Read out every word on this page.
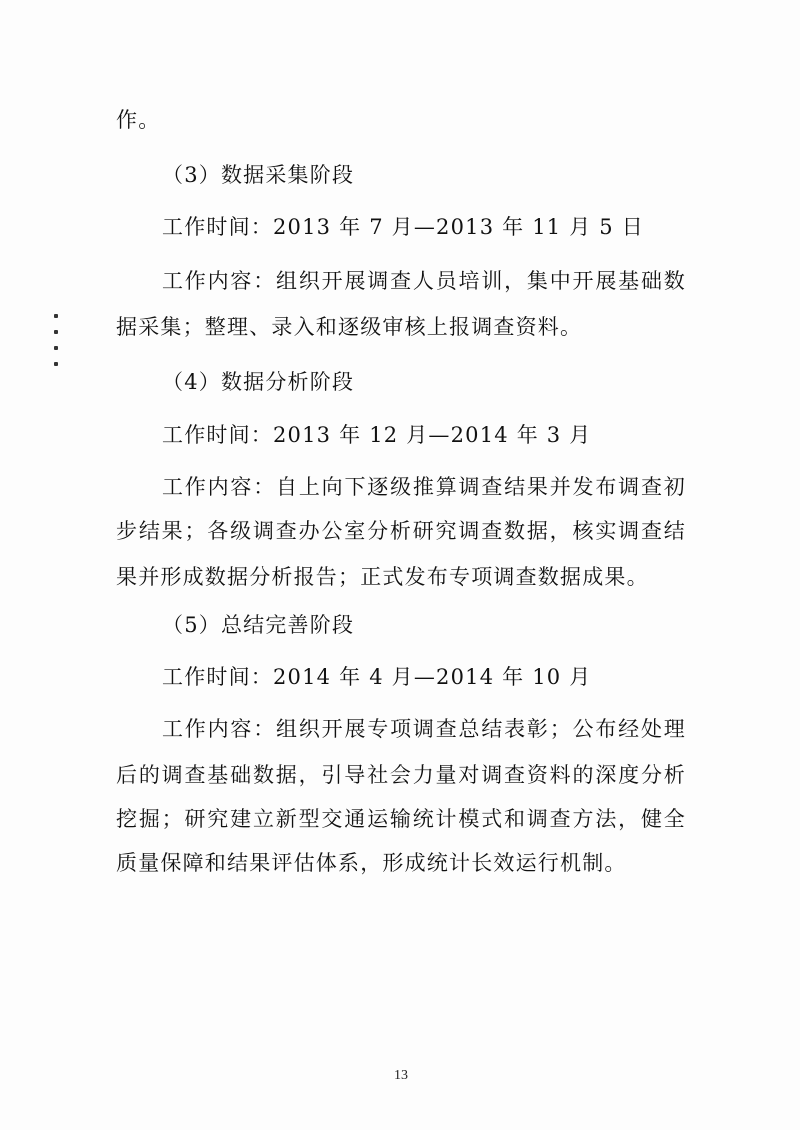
作。
（3）数据采集阶段
工作时间：2013 年 7 月—2013 年 11 月 5 日
工作内容：组织开展调查人员培训，集中开展基础数
据采集；整理、录入和逐级审核上报调查资料。
（4）数据分析阶段
工作时间：2013 年 12 月—2014 年 3 月
工作内容：自上向下逐级推算调查结果并发布调查初
步结果；各级调查办公室分析研究调查数据，核实调查结
果并形成数据分析报告；正式发布专项调查数据成果。
（5）总结完善阶段
工作时间：2014 年 4 月—2014 年 10 月
工作内容：组织开展专项调查总结表彰；公布经处理
后的调查基础数据，引导社会力量对调查资料的深度分析
挖掘；研究建立新型交通运输统计模式和调查方法，健全
质量保障和结果评估体系，形成统计长效运行机制。
13
